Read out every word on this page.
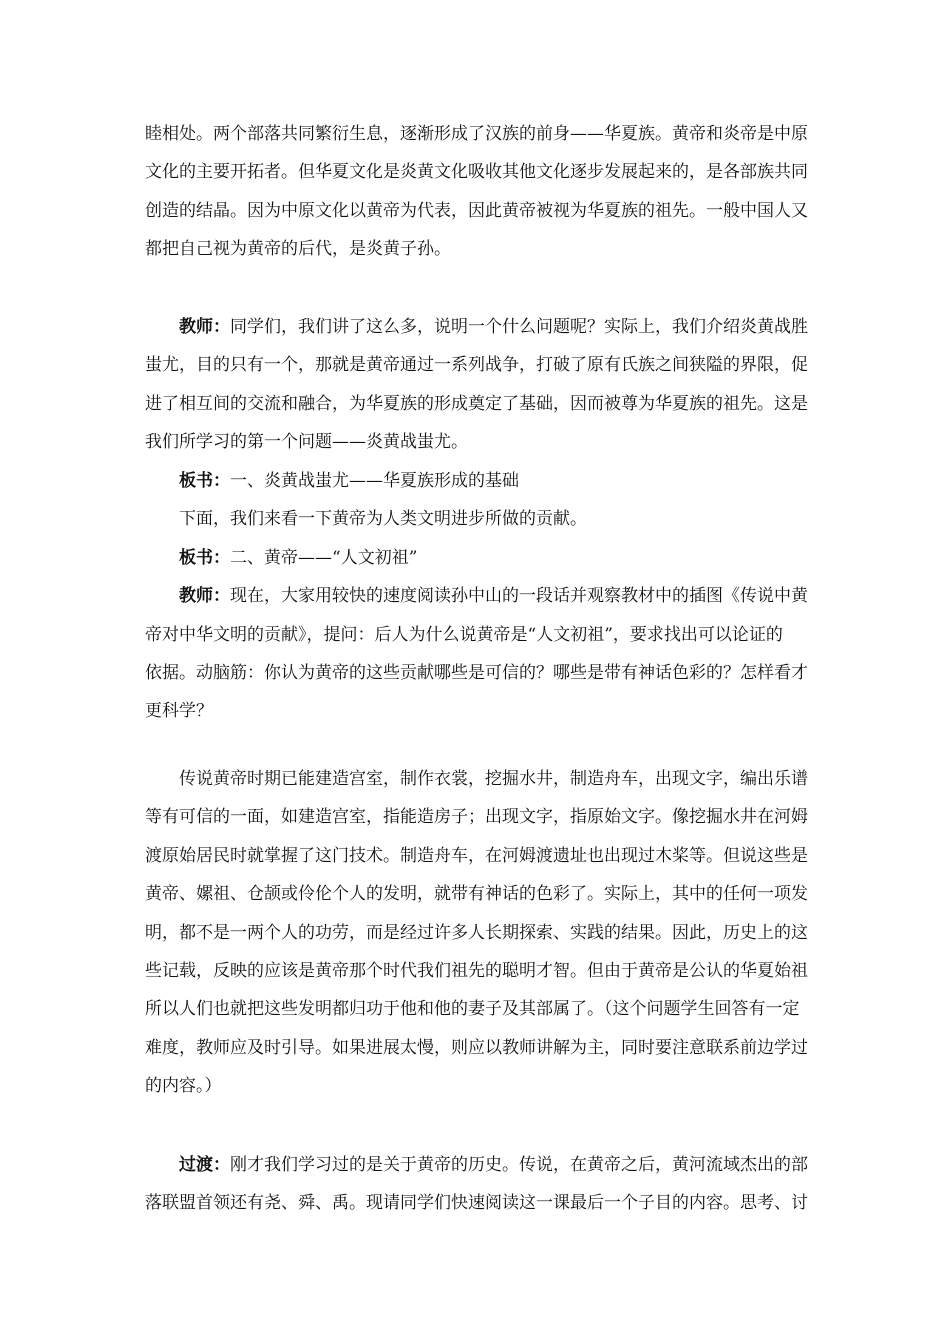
睦相处。两个部落共同繁衍生息，逐渐形成了汉族的前身——华夏族。黄帝和炎帝是中原
文化的主要开拓者。但华夏文化是炎黄文化吸收其他文化逐步发展起来的，是各部族共同
创造的结晶。因为中原文化以黄帝为代表，因此黄帝被视为华夏族的祖先。一般中国人又
都把自己视为黄帝的后代，是炎黄子孙。
教师：同学们，我们讲了这么多，说明一个什么问题呢？实际上，我们介绍炎黄战胜
蚩尤，目的只有一个，那就是黄帝通过一系列战争，打破了原有氏族之间狭隘的界限，促
进了相互间的交流和融合，为华夏族的形成奠定了基础，因而被尊为华夏族的祖先。这是
我们所学习的第一个问题——炎黄战蚩尤。
板书：一、炎黄战蚩尤——华夏族形成的基础
下面，我们来看一下黄帝为人类文明进步所做的贡献。
板书：二、黄帝——“人文初祖”
教师：现在，大家用较快的速度阅读孙中山的一段话并观察教材中的插图《传说中黄
帝对中华文明的贡献》，提问：后人为什么说黄帝是“人文初祖”，要求找出可以论证的
依据。动脑筋：你认为黄帝的这些贡献哪些是可信的？哪些是带有神话色彩的？怎样看才
更科学？
传说黄帝时期已能建造宫室，制作衣裳，挖掘水井，制造舟车，出现文字，编出乐谱
等有可信的一面，如建造宫室，指能造房子；出现文字，指原始文字。像挖掘水井在河姆
渡原始居民时就掌握了这门技术。制造舟车，在河姆渡遗址也出现过木桨等。但说这些是
黄帝、嫘祖、仓颉或伶伦个人的发明，就带有神话的色彩了。实际上，其中的任何一项发
明，都不是一两个人的功劳，而是经过许多人长期探索、实践的结果。因此，历史上的这
些记载，反映的应该是黄帝那个时代我们祖先的聪明才智。但由于黄帝是公认的华夏始祖
所以人们也就把这些发明都归功于他和他的妻子及其部属了。（这个问题学生回答有一定
难度，教师应及时引导。如果进展太慢，则应以教师讲解为主，同时要注意联系前边学过
的内容。）
过渡：刚才我们学习过的是关于黄帝的历史。传说，在黄帝之后，黄河流域杰出的部
落联盟首领还有尧、舜、禹。现请同学们快速阅读这一课最后一个子目的内容。思考、讨
